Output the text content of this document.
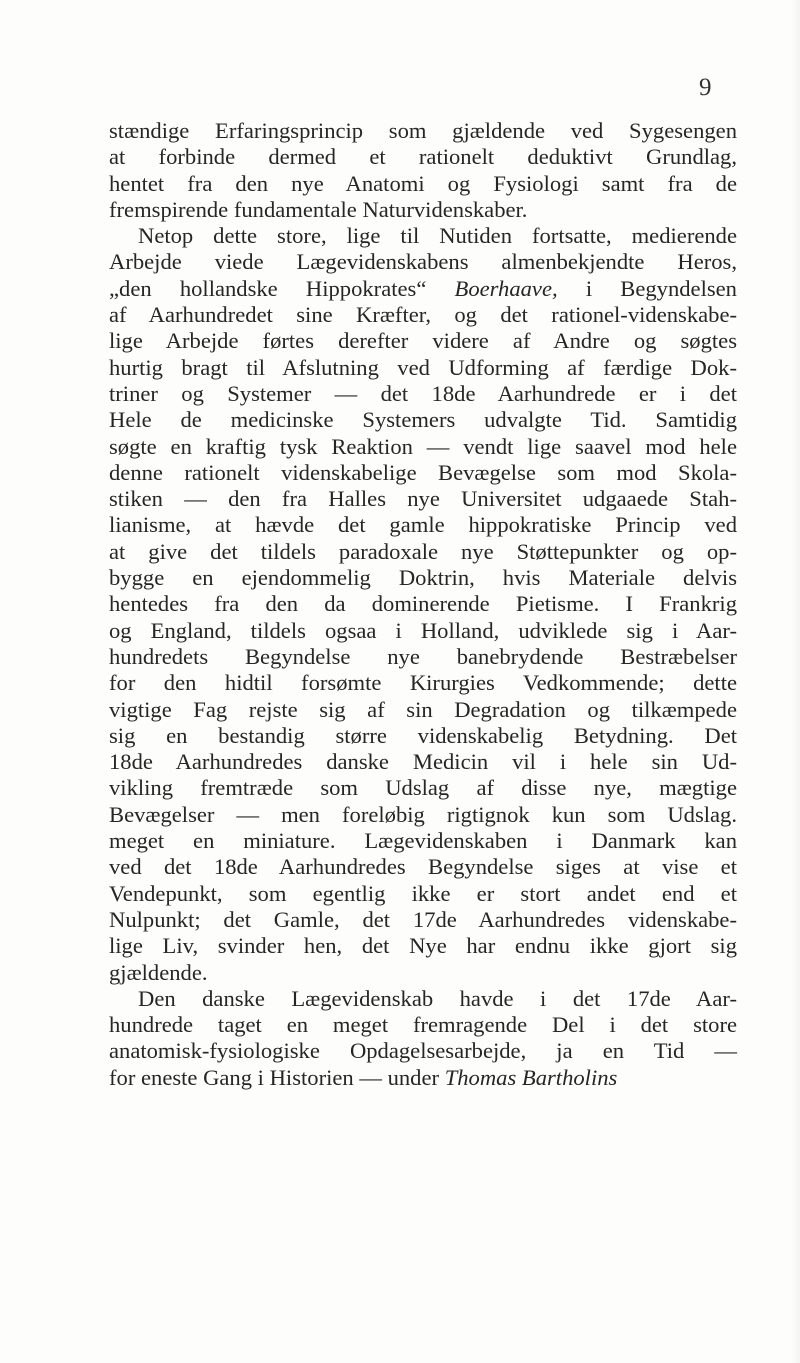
9
stændige Erfaringsprincip som gjældende ved Sygesengen
at forbinde dermed et rationelt deduktivt Grundlag,
hentet fra den nye Anatomi og Fysiologi samt fra de
fremspirende fundamentale Naturvidenskaber.
Netop dette store, lige til Nutiden fortsatte, medierende
Arbejde viede Lægevidenskabens almenbekjendte Heros,
„den hollandske Hippokrates“ Boerhaave, i Begyndelsen
af Aarhundredet sine Kræfter, og det rationel-videnskabe-
lige Arbejde førtes derefter videre af Andre og søgtes
hurtig bragt til Afslutning ved Udforming af færdige Dok-
triner og Systemer — det 18de Aarhundrede er i det
Hele de medicinske Systemers udvalgte Tid. Samtidig
søgte en kraftig tysk Reaktion — vendt lige saavel mod hele
denne rationelt videnskabelige Bevægelse som mod Skola-
stiken — den fra Halles nye Universitet udgaaede Stah-
lianisme, at hævde det gamle hippokratiske Princip ved
at give det tildels paradoxale nye Støttepunkter og op-
bygge en ejendommelig Doktrin, hvis Materiale delvis
hentedes fra den da dominerende Pietisme. I Frankrig
og England, tildels ogsaa i Holland, udviklede sig i Aar-
hundredets Begyndelse nye banebrydende Bestræbelser
for den hidtil forsømte Kirurgies Vedkommende; dette
vigtige Fag rejste sig af sin Degradation og tilkæmpede
sig en bestandig større videnskabelig Betydning. Det
18de Aarhundredes danske Medicin vil i hele sin Ud-
vikling fremtræde som Udslag af disse nye, mægtige
Bevægelser — men foreløbig rigtignok kun som Udslag.
meget en miniature. Lægevidenskaben i Danmark kan
ved det 18de Aarhundredes Begyndelse siges at vise et
Vendepunkt, som egentlig ikke er stort andet end et
Nulpunkt; det Gamle, det 17de Aarhundredes videnskabe-
lige Liv, svinder hen, det Nye har endnu ikke gjort sig
gjældende.
Den danske Lægevidenskab havde i det 17de Aar-
hundrede taget en meget fremragende Del i det store
anatomisk-fysiologiske Opdagelsesarbejde, ja en Tid —
for eneste Gang i Historien — under Thomas Bartholins
